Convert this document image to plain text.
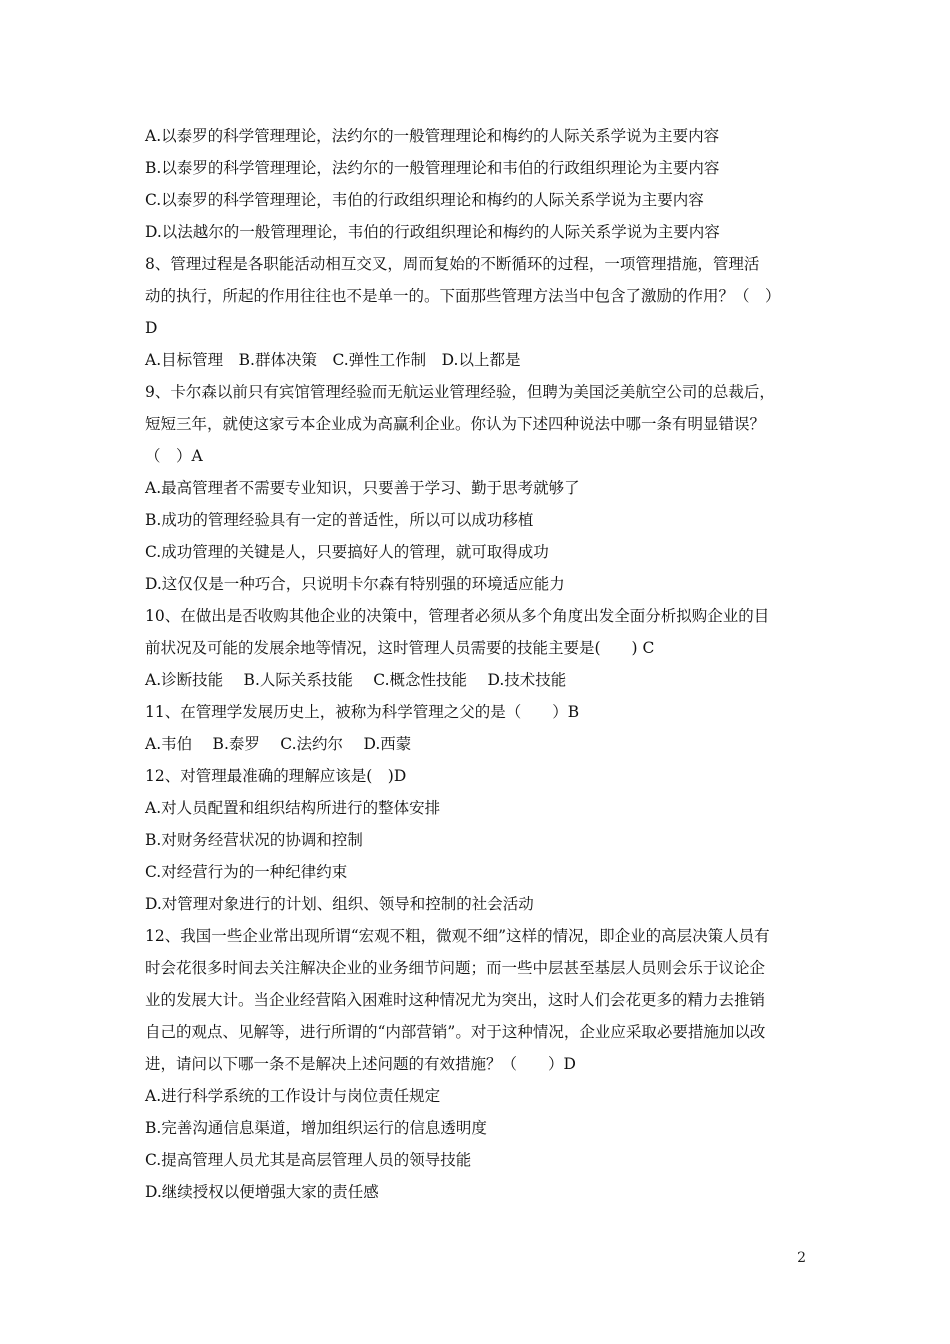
A.以泰罗的科学管理理论，法约尔的一般管理理论和梅约的人际关系学说为主要内容
B.以泰罗的科学管理理论，法约尔的一般管理理论和韦伯的行政组织理论为主要内容
C.以泰罗的科学管理理论，韦伯的行政组织理论和梅约的人际关系学说为主要内容
D.以法越尔的一般管理理论，韦伯的行政组织理论和梅约的人际关系学说为主要内容
8、管理过程是各职能活动相互交叉，周而复始的不断循环的过程，一项管理措施，管理活
动的执行，所起的作用往往也不是单一的。下面那些管理方法当中包含了激励的作用？（　）
D
A.目标管理　B.群体决策　C.弹性工作制　D.以上都是
9、卡尔森以前只有宾馆管理经验而无航运业管理经验，但聘为美国泛美航空公司的总裁后，
短短三年，就使这家亏本企业成为高赢利企业。你认为下述四种说法中哪一条有明显错误？
（　）A
A.最高管理者不需要专业知识，只要善于学习、勤于思考就够了
B.成功的管理经验具有一定的普适性，所以可以成功移植
C.成功管理的关键是人，只要搞好人的管理，就可取得成功
D.这仅仅是一种巧合，只说明卡尔森有特别强的环境适应能力
10、在做出是否收购其他企业的决策中，管理者必须从多个角度出发全面分析拟购企业的目
前状况及可能的发展余地等情况，这时管理人员需要的技能主要是(　　) C
A.诊断技能　 B.人际关系技能　 C.概念性技能　 D.技术技能
11、在管理学发展历史上，被称为科学管理之父的是（　　）B
A.韦伯　 B.泰罗　 C.法约尔　 D.西蒙
12、对管理最准确的理解应该是(　)D
A.对人员配置和组织结构所进行的整体安排
B.对财务经营状况的协调和控制
C.对经营行为的一种纪律约束
D.对管理对象进行的计划、组织、领导和控制的社会活动
12、我国一些企业常出现所谓“宏观不粗，微观不细”这样的情况，即企业的高层决策人员有
时会花很多时间去关注解决企业的业务细节问题；而一些中层甚至基层人员则会乐于议论企
业的发展大计。当企业经营陷入困难时这种情况尤为突出，这时人们会花更多的精力去推销
自己的观点、见解等，进行所谓的“内部营销”。对于这种情况，企业应采取必要措施加以改
进，请问以下哪一条不是解决上述问题的有效措施？（　　）D
A.进行科学系统的工作设计与岗位责任规定
B.完善沟通信息渠道，增加组织运行的信息透明度
C.提高管理人员尤其是高层管理人员的领导技能
D.继续授权以便增强大家的责任感
2
